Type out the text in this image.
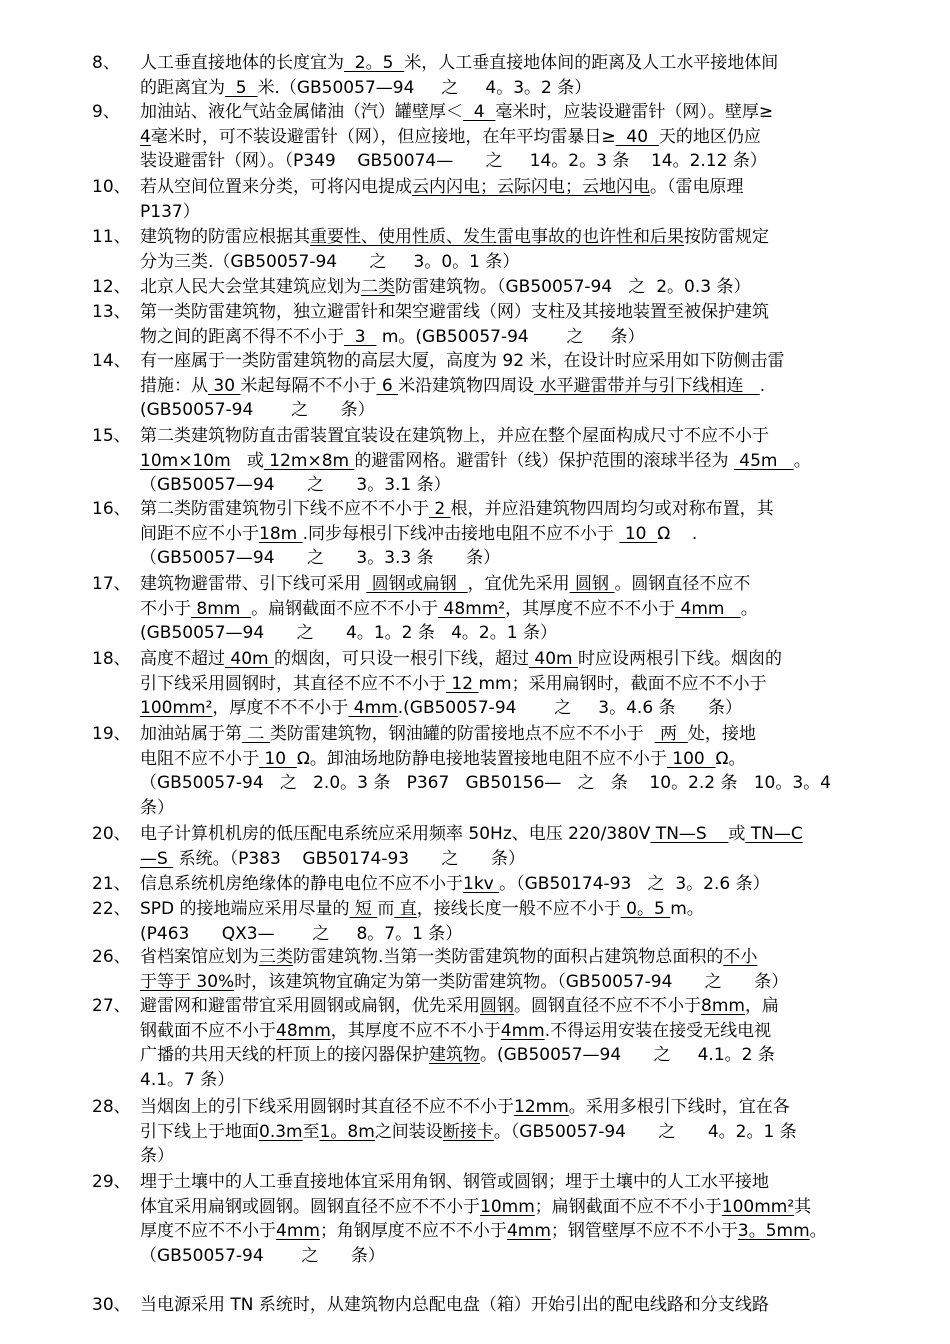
8、	人工垂直接地体的长度宜为  2。5  米，人工垂直接地体间的距离及人工水平接地体间
的距离宜为  5  米.（GB50057—94     之     4。3。2 条）
9、	加油站、液化气站金属储油（汽）罐壁厚＜  4  毫米时，应装设避雷针（网）。壁厚≥
4毫米时，可不装设避雷针（网），但应接地，在年平均雷暴日≥  40  天的地区仍应
装设避雷针（网）。（P349    GB50074—      之     14。2。3 条    14。2.12 条）
10、 若从空间位置来分类，可将闪电提成云内闪电；云际闪电；云地闪电。（雷电原理
P137）
11、 建筑物的防雷应根据其重要性、使用性质、发生雷电事故的也许性和后果按防雷规定
分为三类.（GB50057-94      之     3。0。1 条）
12、 北京人民大会堂其建筑应划为二类防雷建筑物。（GB50057-94   之  2。0.3 条）
13、 第一类防雷建筑物，独立避雷针和架空避雷线（网）支柱及其接地装置至被保护建筑
物之间的距离不得不不小于  3   m。(GB50057-94       之     条）
14、 有一座属于一类防雷建筑物的高层大厦，高度为 92 米，在设计时应采用如下防侧击雷
措施：从 30 米起每隔不不小于 6 米沿建筑物四周设 水平避雷带并与引下线相连   .
(GB50057-94       之      条）
15、 第二类建筑物防直击雷装置宜装设在建筑物上，并应在整个屋面构成尺寸不应不小于
10m×10m   或 12m×8m 的避雷网格。避雷针（线）保护范围的滚球半径为  45m   。
（GB50057—94      之      3。3.1 条）
16、 第二类防雷建筑物引下线不应不不小于 2 根，并应沿建筑物四周均匀或对称布置，其
间距不应不小于18m .同步每根引下线冲击接地电阻不应不小于  10  Ω    .
（GB50057—94      之      3。3.3 条      条）
17、 建筑物避雷带、引下线可采用  圆钢或扁钢  ，宜优先采用 圆钢 。圆钢直径不应不
不小于 8mm  。扁钢截面不应不不小于 48mm²，其厚度不应不不小于 4mm   。
(GB50057—94      之      4。1。2 条   4。2。1 条）
18、 高度不超过 40m 的烟囱，可只设一根引下线，超过 40m 时应设两根引下线。烟囱的
引下线采用圆钢时，其直径不应不不小于 12 mm；采用扁钢时，截面不应不不小于
100mm²，厚度不不不小于 4mm.(GB50057-94       之     3。4.6 条      条）
19、 加油站属于第 二 类防雷建筑物，钢油罐的防雷接地点不应不不小于   两  处，接地
电阻不应不小于 10  Ω。卸油场地防静电接地装置接地电阻不应不小于 100  Ω。
（GB50057-94   之   2.0。3 条   P367   GB50156—   之   条    10。2.2 条   10。3。4
条）
20、 电子计算机机房的低压配电系统应采用频率 50Hz、电压 220/380V TN—S    或 TN—C
—S  系统。（P383    GB50174-93      之      条）
21、 信息系统机房绝缘体的静电电位不应不小于1kv 。（GB50174-93   之  3。2.6 条）
22、 SPD 的接地端应采用尽量的 短 而 直，接线长度一般不应不小于 0。5 m。
(P463      QX3—       之     8。7。1 条）
26、 省档案馆应划为三类防雷建筑物.当第一类防雷建筑物的面积占建筑物总面积的不小
于等于 30%时，该建筑物宜确定为第一类防雷建筑物。（GB50057-94      之      条）
27、 避雷网和避雷带宜采用圆钢或扁钢，优先采用圆钢。圆钢直径不应不不小于8mm，扁
钢截面不应不小于48mm，其厚度不应不不小于4mm.不得运用安装在接受无线电视
广播的共用天线的杆顶上的接闪器保护建筑物。(GB50057—94      之     4.1。2 条
4.1。7 条）
28、 当烟囱上的引下线采用圆钢时其直径不应不不小于12mm。采用多根引下线时，宜在各
引下线上于地面0.3m至1。8m之间装设断接卡。（GB50057-94      之      4。2。1 条
条）
29、 埋于土壤中的人工垂直接地体宜采用角钢、钢管或圆钢；埋于土壤中的人工水平接地
体宜采用扁钢或圆钢。圆钢直径不应不不小于10mm；扁钢截面不应不不小于100mm²其
厚度不应不不小于4mm；角钢厚度不应不不小于4mm；钢管壁厚不应不不小于3。5mm。
（GB50057-94       之      条）
30、 当电源采用 TN 系统时，从建筑物内总配电盘（箱）开始引出的配电线路和分支线路
